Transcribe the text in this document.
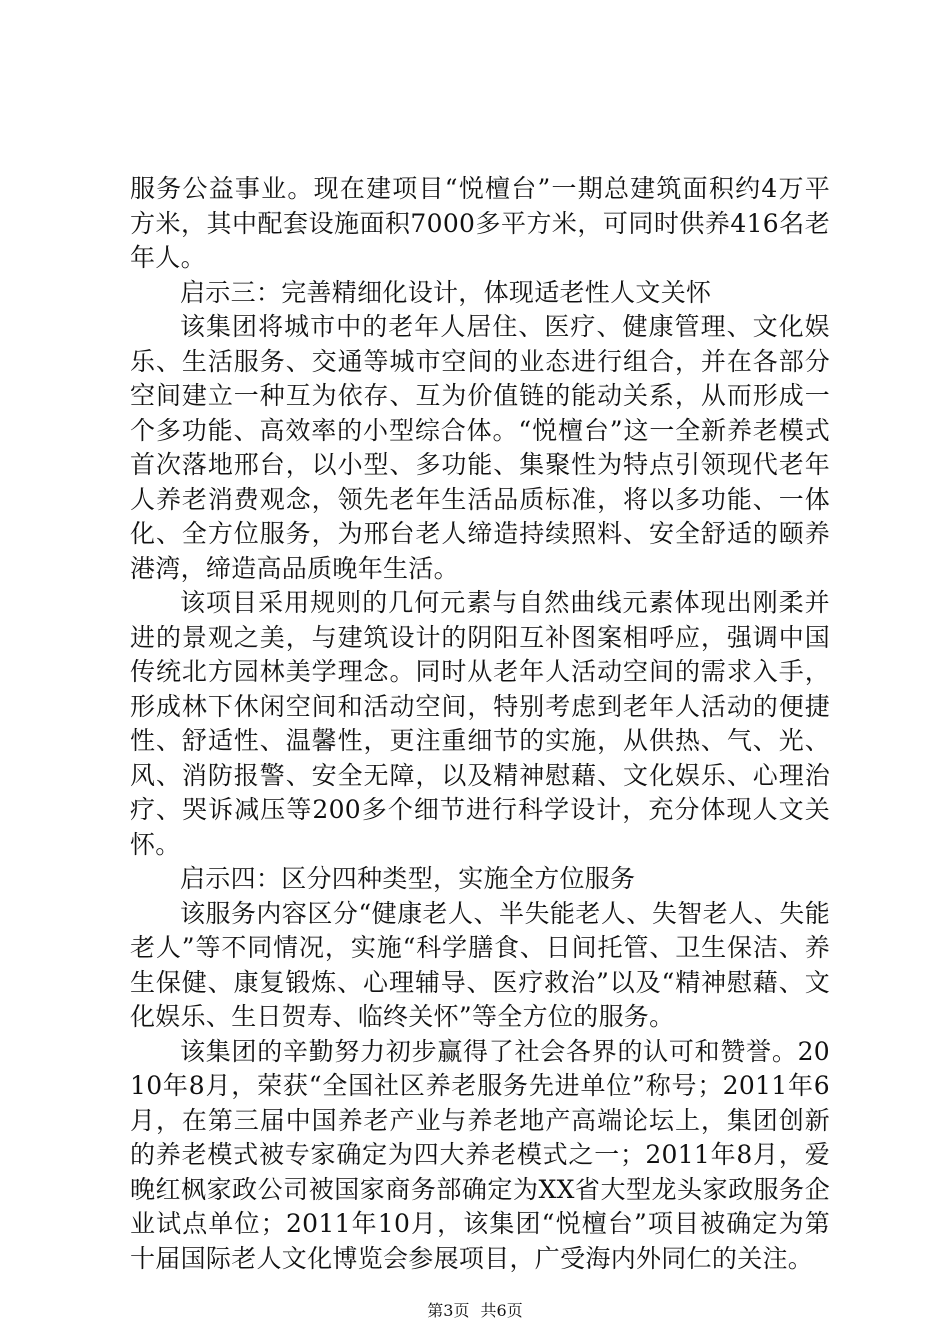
服务公益事业。现在建项目“悦檀台”一期总建筑面积约4万平方米，其中配套设施面积7000多平方米，可同时供养416名老年人。

启示三：完善精细化设计，体现适老性人文关怀

该集团将城市中的老年人居住、医疗、健康管理、文化娱乐、生活服务、交通等城市空间的业态进行组合，并在各部分空间建立一种互为依存、互为价值链的能动关系，从而形成一个多功能、高效率的小型综合体。“悦檀台”这一全新养老模式首次落地邢台，以小型、多功能、集聚性为特点引领现代老年人养老消费观念，领先老年生活品质标准，将以多功能、一体化、全方位服务，为邢台老人缔造持续照料、安全舒适的颐养港湾，缔造高品质晚年生活。

该项目采用规则的几何元素与自然曲线元素体现出刚柔并进的景观之美，与建筑设计的阴阳互补图案相呼应，强调中国传统北方园林美学理念。同时从老年人活动空间的需求入手，形成林下休闲空间和活动空间，特别考虑到老年人活动的便捷性、舒适性、温馨性，更注重细节的实施，从供热、气、光、风、消防报警、安全无障，以及精神慰藉、文化娱乐、心理治疗、哭诉减压等200多个细节进行科学设计，充分体现人文关怀。

启示四：区分四种类型，实施全方位服务

该服务内容区分“健康老人、半失能老人、失智老人、失能老人”等不同情况，实施“科学膳食、日间托管、卫生保洁、养生保健、康复锻炼、心理辅导、医疗救治”以及“精神慰藉、文化娱乐、生日贺寿、临终关怀”等全方位的服务。

该集团的辛勤努力初步赢得了社会各界的认可和赞誉。2010年8月，荣获“全国社区养老服务先进单位”称号；2011年6月，在第三届中国养老产业与养老地产高端论坛上，集团创新的养老模式被专家确定为四大养老模式之一；2011年8月，爱晚红枫家政公司被国家商务部确定为XX省大型龙头家政服务企业试点单位；2011年10月，该集团“悦檀台”项目被确定为第十届国际老人文化博览会参展项目，广受海内外同仁的关注。

第3页 共6页
